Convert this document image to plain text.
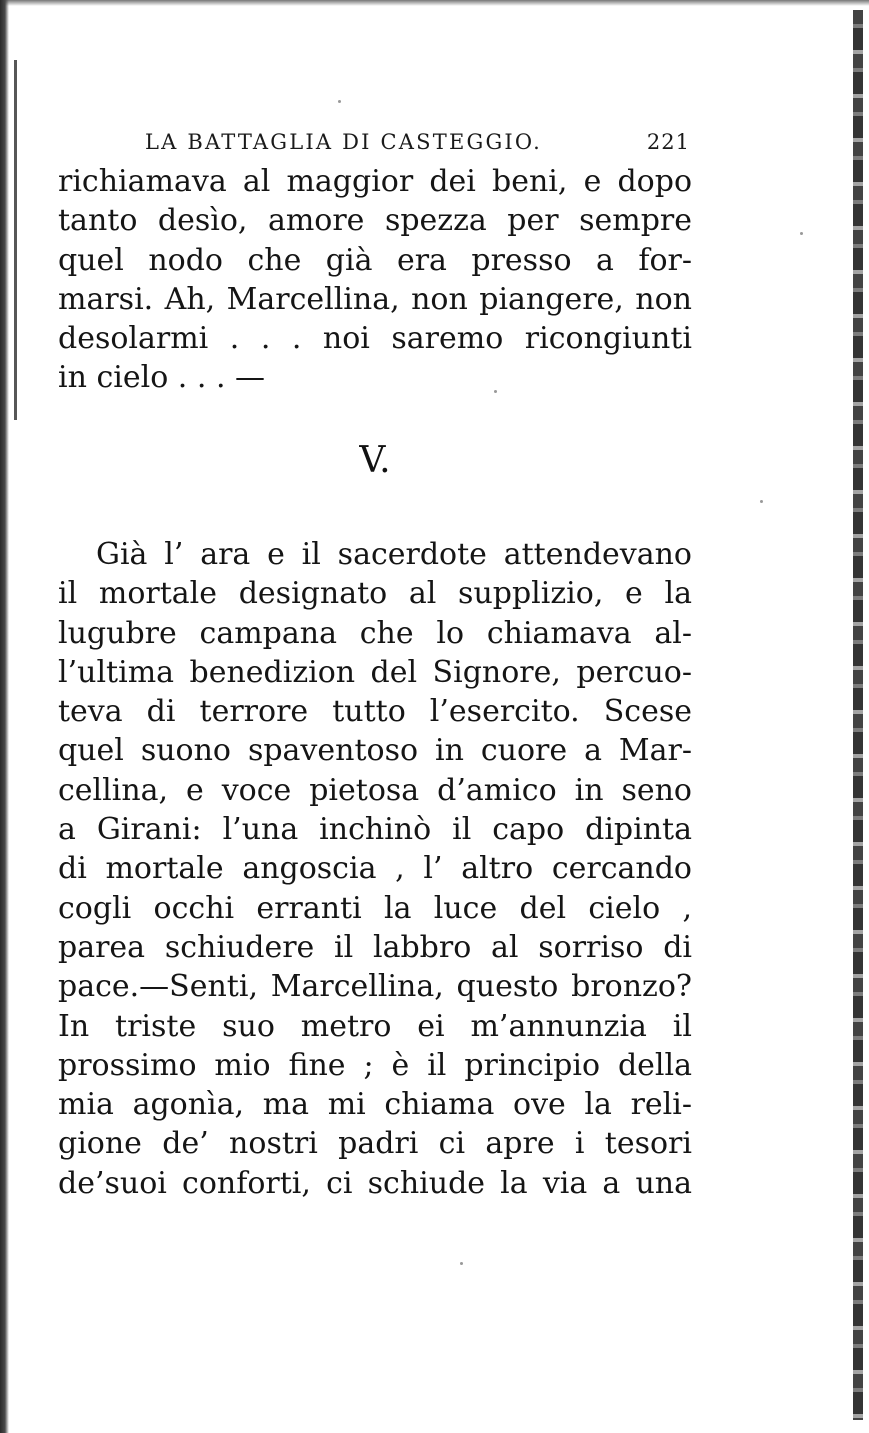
LA BATTAGLIA DI CASTEGGIO.	221
richiamava al maggior dei beni, e dopo
tanto desìo, amore spezza per sempre
quel nodo che già era presso a for-
marsi. Ah, Marcellina, non piangere, non
desolarmi . . . noi saremo ricongiunti
in cielo . . . —
V.
Già l’ ara e il sacerdote attendevano
il mortale designato al supplizio, e la
lugubre campana che lo chiamava al-
l’ultima benedizion del Signore, percuo-
teva di terrore tutto l’esercito. Scese
quel suono spaventoso in cuore a Mar-
cellina, e voce pietosa d’amico in seno
a Girani: l’una inchinò il capo dipinta
di mortale angoscia , l’ altro cercando
cogli occhi erranti la luce del cielo ,
parea schiudere il labbro al sorriso di
pace.—Senti, Marcellina, questo bronzo?
In triste suo metro ei m’annunzia il
prossimo mio fine ; è il principio della
mia agonìa, ma mi chiama ove la reli-
gione de’ nostri padri ci apre i tesori
de’suoi conforti, ci schiude la via a una
